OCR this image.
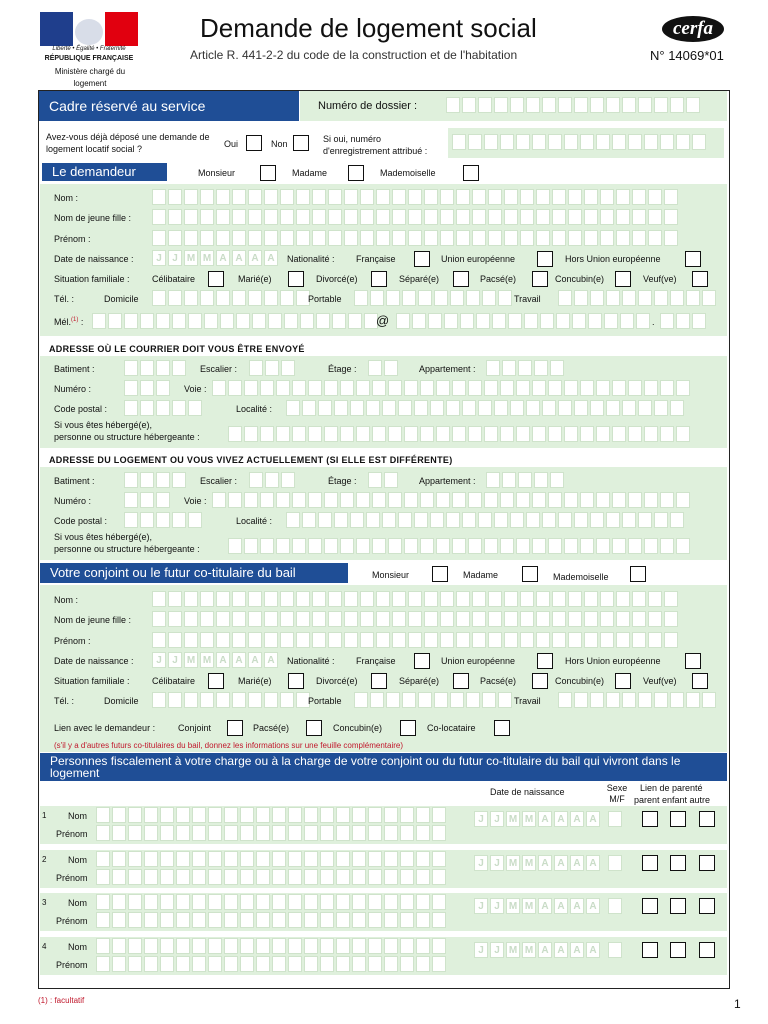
Liberté • Égalité • Fraternité
RÉPUBLIQUE FRANÇAISE
Ministère chargé du logement
Demande de logement social
Article R. 441-2-2 du code de la construction et de l'habitation
cerfa
N° 14069*01
Cadre réservé au service	Numéro de dossier :
Avez-vous déjà déposé une demande de logement locatif social ?	Oui	Non	Si oui, numéro d'enregistrement attribué :
Le demandeur	Monsieur	Madame	Mademoiselle
Nom :
Nom de jeune fille :
Prénom :
Date de naissance :	J	J M M A A A A	Nationalité : Française	Union européenne	Hors Union européenne
Situation familiale : Célibataire	Marié(e)	Divorcé(e)	Séparé(e)	Pacsé(e)	Concubin(e)	Veuf(ve)
Tél. :	Domicile	Portable	Travail
Mél.$^{(1)}$ :	@	.
ADRESSE OÙ LE COURRIER DOIT VOUS ÊTRE ENVOYÉ
Batiment :	Escalier :	Étage :	Appartement :
Numéro :	Voie :
Code postal :	Localité :
Si vous êtes hébergé(e),
personne ou structure hébergeante :
ADRESSE DU LOGEMENT OU VOUS VIVEZ ACTUELLEMENT (SI ELLE EST DIFFÉRENTE)
Batiment :	Escalier :	Étage :	Appartement :
Numéro :	Voie :
Code postal :	Localité :
Si vous êtes hébergé(e),
personne ou structure hébergeante :
Votre conjoint ou le futur co-titulaire du bail	Monsieur	Madame	Mademoiselle
Nom :
Nom de jeune fille :
Prénom :
Date de naissance :	J	J M M A A A A	Nationalité : Française	Union européenne	Hors Union européenne
Situation familiale : Célibataire	Marié(e)	Divorcé(e)	Séparé(e)	Pacsé(e)	Concubin(e)	Veuf(ve)
Tél. :	Domicile	Portable	Travail
Lien avec le demandeur :	Conjoint	Pacsé(e)	Concubin(e)	Co-locataire
(s'il y a d'autres futurs co-titulaires du bail, donnez les informations sur une feuille complémentaire)
Personnes fiscalement à votre charge ou à la charge de votre conjoint ou du futur co-titulaire du bail qui vivront dans le logement
Date de naissance	Sexe M/F
Lien de parenté
parent enfant autre
1 Nom
Prénom
J	J M M A A A A
2 Nom
Prénom
J	J M M A A A A
3 Nom
Prénom
J	J M M A A A A
4 Nom
Prénom
J	J M M A A A A
(1) : facultatif	1
